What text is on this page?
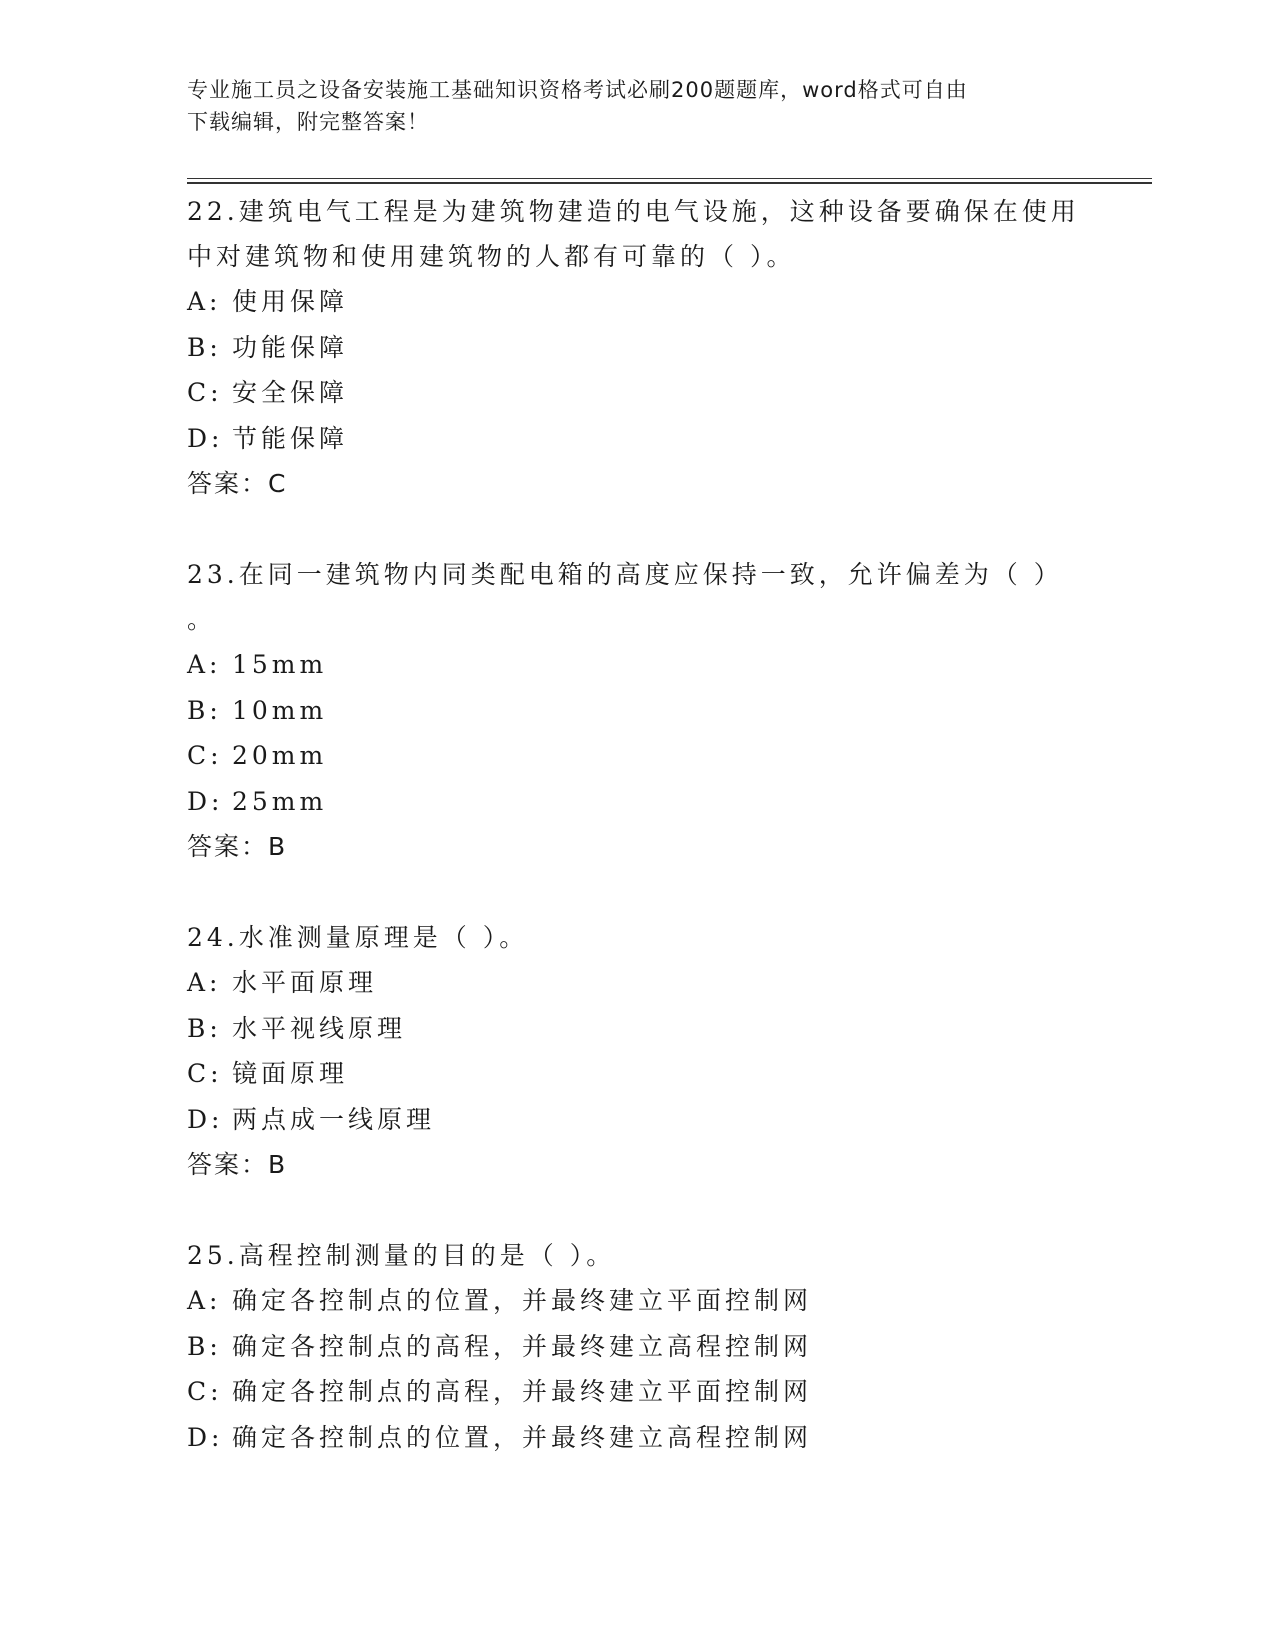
专业施工员之设备安装施工基础知识资格考试必刷200题题库，word格式可自由
下载编辑，附完整答案！

22.建筑电气工程是为建筑物建造的电气设施，这种设备要确保在使用
中对建筑物和使用建筑物的人都有可靠的（ ）。

A: 使用保障

B: 功能保障

C: 安全保障

D: 节能保障

答案：C

23.在同一建筑物内同类配电箱的高度应保持一致，允许偏差为（ ）
。

A: 15mm

B: 10mm

C: 20mm

D: 25mm

答案：B

24.水准测量原理是（ ）。

A: 水平面原理

B: 水平视线原理

C: 镜面原理

D: 两点成一线原理

答案：B

25.高程控制测量的目的是（ ）。

A: 确定各控制点的位置，并最终建立平面控制网

B: 确定各控制点的高程，并最终建立高程控制网

C: 确定各控制点的高程，并最终建立平面控制网

D: 确定各控制点的位置，并最终建立高程控制网
